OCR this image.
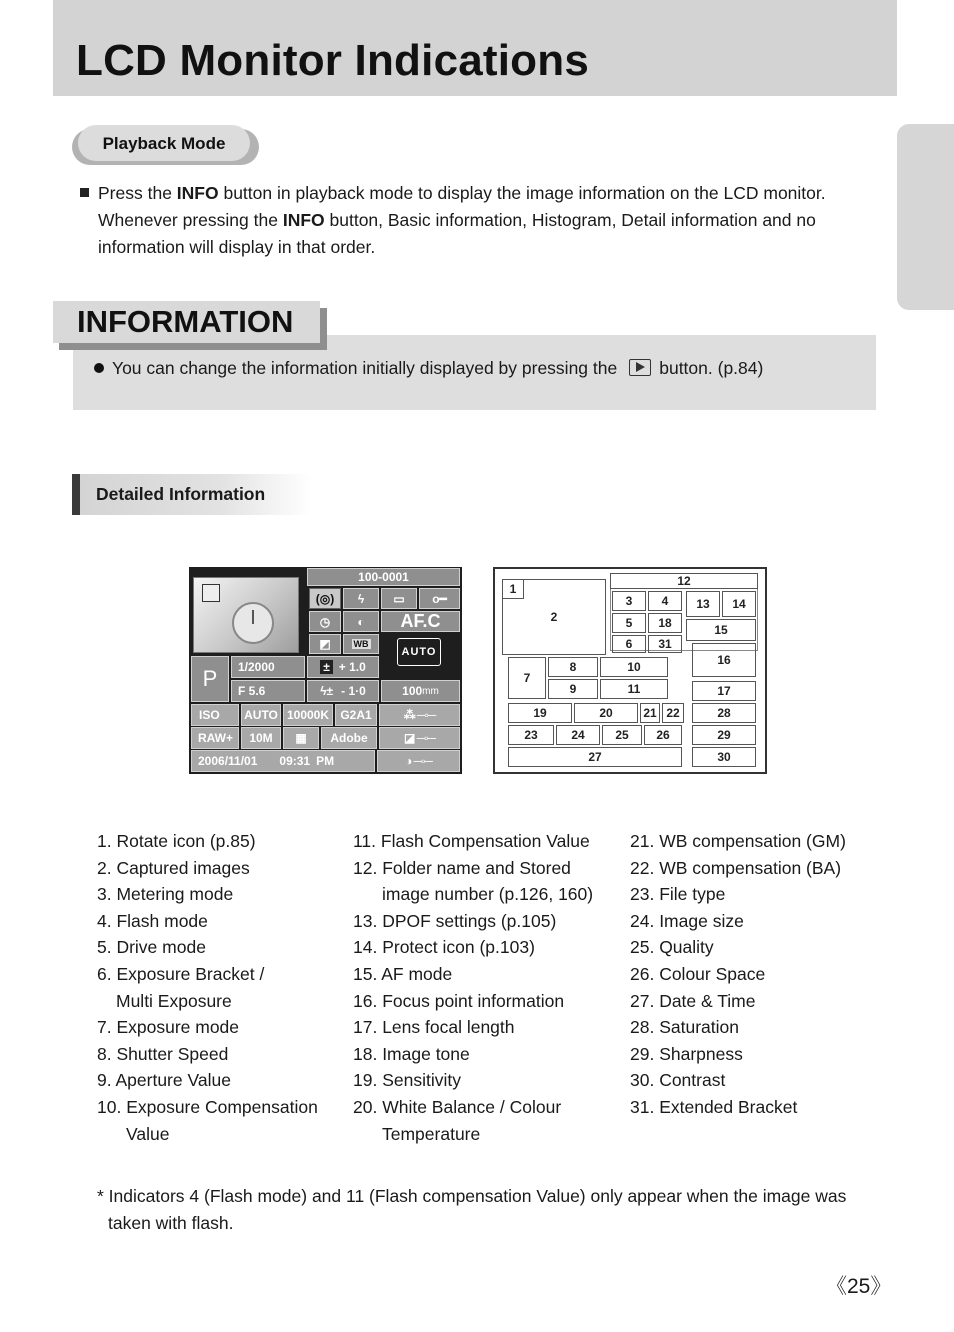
LCD Monitor Indications
Playback Mode
Press the INFO button in playback mode to display the image information on the LCD monitor.
Whenever pressing the INFO button, Basic information, Histogram, Detail information and no
information will display in that order.
INFORMATION
You can change the information initially displayed by pressing the button. (p.84)
Detailed Information
100-0001
(◎)	ϟ	▭	o━
◷	◐	AF.C
◩	WB
AUTO
P	1/2000	± + 1.0
F 5.6	ϟ± - 1·0	100 mm
ISO	AUTO 10000K G2A1	⁂ ─▫─
RAW+	10M	▦	Adobe	◪ ─▫─
2006/11/01 09:31 PM	◑ ─▫─
2
1
12
3	4	13	14
5	18	15
6	31
16
7
8	10
9	11	17
19	20	21 22	28
23	24	25	26	29
27	30
1. Rotate icon (p.85)
2. Captured images
3. Metering mode
4. Flash mode
5. Drive mode
6. Exposure Bracket /
Multi Exposure
7. Exposure mode
8. Shutter Speed
9. Aperture Value
10. Exposure Compensation
Value
11. Flash Compensation Value
12. Folder name and Stored
image number (p.126, 160)
13. DPOF settings (p.105)
14. Protect icon (p.103)
15. AF mode
16. Focus point information
17. Lens focal length
18. Image tone
19. Sensitivity
20. White Balance / Colour
Temperature
21. WB compensation (GM)
22. WB compensation (BA)
23. File type
24. Image size
25. Quality
26. Colour Space
27. Date & Time
28. Saturation
29. Sharpness
30. Contrast
31. Extended Bracket
* Indicators 4 (Flash mode) and 11 (Flash compensation Value) only appear when the image was
taken with flash.
《25》
